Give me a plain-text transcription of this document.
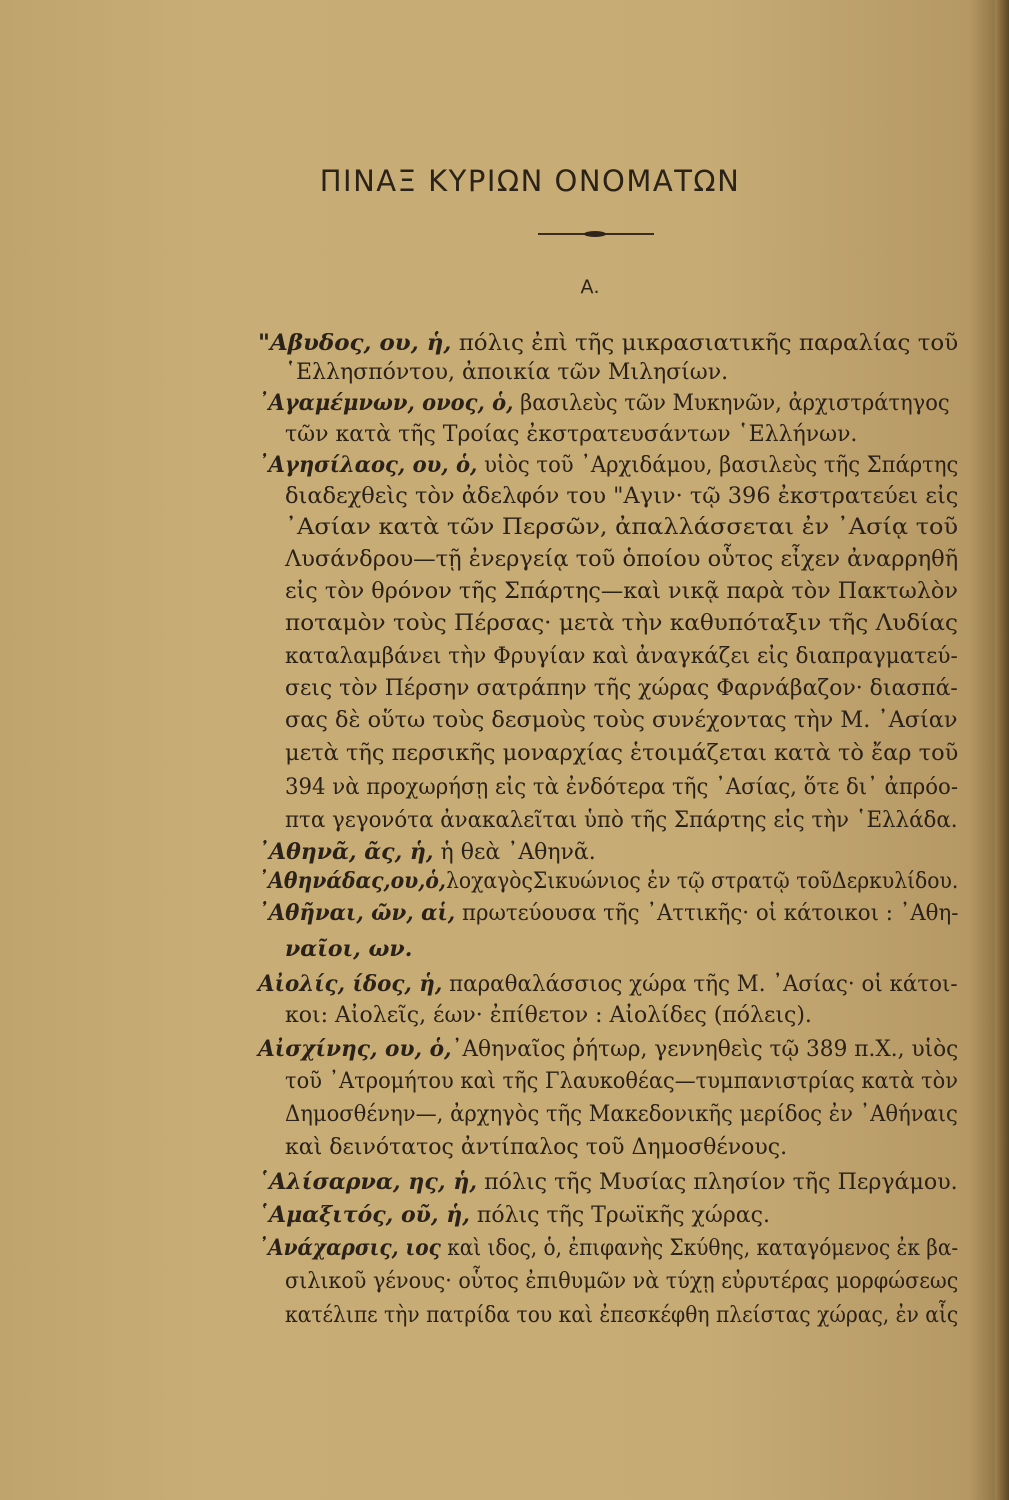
ΠΙΝΑΞ ΚΥΡΙΩΝ ΟΝΟΜΑΤΩΝ
Α.
"Αβυδος, ου, ἡ, πόλις ἐπὶ τῆς μικρασιατικῆς παραλίας τοῦ
῾Ελλησπόντου, ἀποικία τῶν Μιλησίων.
᾿Αγαμέμνων, ονος, ὁ, βασιλεὺς τῶν Μυκηνῶν, ἀρχιστράτηγος
τῶν κατὰ τῆς Τροίας ἐκστρατευσάντων ῾Ελλήνων.
᾿Αγησίλαος, ου, ὁ, υἱὸς τοῦ ᾿Αρχιδάμου, βασιλεὺς τῆς Σπάρτης
διαδεχθεὶς τὸν ἀδελφόν του "Αγιν· τῷ 396 ἐκστρατεύει εἰς
᾿Ασίαν κατὰ τῶν Περσῶν, ἀπαλλάσσεται ἐν ᾿Ασίᾳ τοῦ
Λυσάνδρου—τῇ ἐνεργείᾳ τοῦ ὁποίου οὗτος εἶχεν ἀναρρηθῆ
εἰς τὸν θρόνον τῆς Σπάρτης—καὶ νικᾷ παρὰ τὸν Πακτωλὸν
ποταμὸν τοὺς Πέρσας· μετὰ τὴν καθυπόταξιν τῆς Λυδίας
καταλαμβάνει τὴν Φρυγίαν καὶ ἀναγκάζει εἰς διαπραγματεύ-
σεις τὸν Πέρσην σατράπην τῆς χώρας Φαρνάβαζον· διασπά-
σας δὲ οὕτω τοὺς δεσμοὺς τοὺς συνέχοντας τὴν Μ. ᾿Ασίαν
μετὰ τῆς περσικῆς μοναρχίας ἑτοιμάζεται κατὰ τὸ ἔαρ τοῦ
394 νὰ προχωρήσῃ εἰς τὰ ἐνδότερα τῆς ᾿Ασίας, ὅτε δι᾿ ἀπρόο-
πτα γεγονότα ἀνακαλεῖται ὑπὸ τῆς Σπάρτης εἰς τὴν ῾Ελλάδα.
᾿Αθηνᾶ, ᾶς, ἡ, ἡ θεὰ ᾿Αθηνᾶ.
᾿Αθηνάδας,ου,ὁ,λοχαγὸςΣικυώνιος ἐν τῷ στρατῷ τοῦΔερκυλίδου.
᾿Αθῆναι, ῶν, αἱ, πρωτεύουσα τῆς ᾿Αττικῆς· οἱ κάτοικοι : ᾿Αθη-
ναῖοι, ων.
Αἰολίς, ίδος, ἡ, παραθαλάσσιος χώρα τῆς Μ. ᾿Ασίας· οἱ κάτοι-
κοι: Αἰολεῖς, έων· ἐπίθετον : Αἰολίδες (πόλεις).
Αἰσχίνης, ου, ὁ,᾿Αθηναῖος ῥήτωρ, γεννηθεὶς τῷ 389 π.Χ., υἱὸς
τοῦ ᾿Ατρομήτου καὶ τῆς Γλαυκοθέας—τυμπανιστρίας κατὰ τὸν
Δημοσθένην—, ἀρχηγὸς τῆς Μακεδονικῆς μερίδος ἐν ᾿Αθήναις
καὶ δεινότατος ἀντίπαλος τοῦ Δημοσθένους.
῾Αλίσαρνα, ης, ἡ, πόλις τῆς Μυσίας πλησίον τῆς Περγάμου.
῾Αμαξιτός, οῦ, ἡ, πόλις τῆς Τρωϊκῆς χώρας.
᾿Ανάχαρσις, ιος καὶ ιδος, ὁ, ἐπιφανὴς Σκύθης, καταγόμενος ἐκ βα-
σιλικοῦ γένους· οὗτος ἐπιθυμῶν νὰ τύχῃ εὐρυτέρας μορφώσεως
κατέλιπε τὴν πατρίδα του καὶ ἐπεσκέφθη πλείστας χώρας, ἐν αἷς
